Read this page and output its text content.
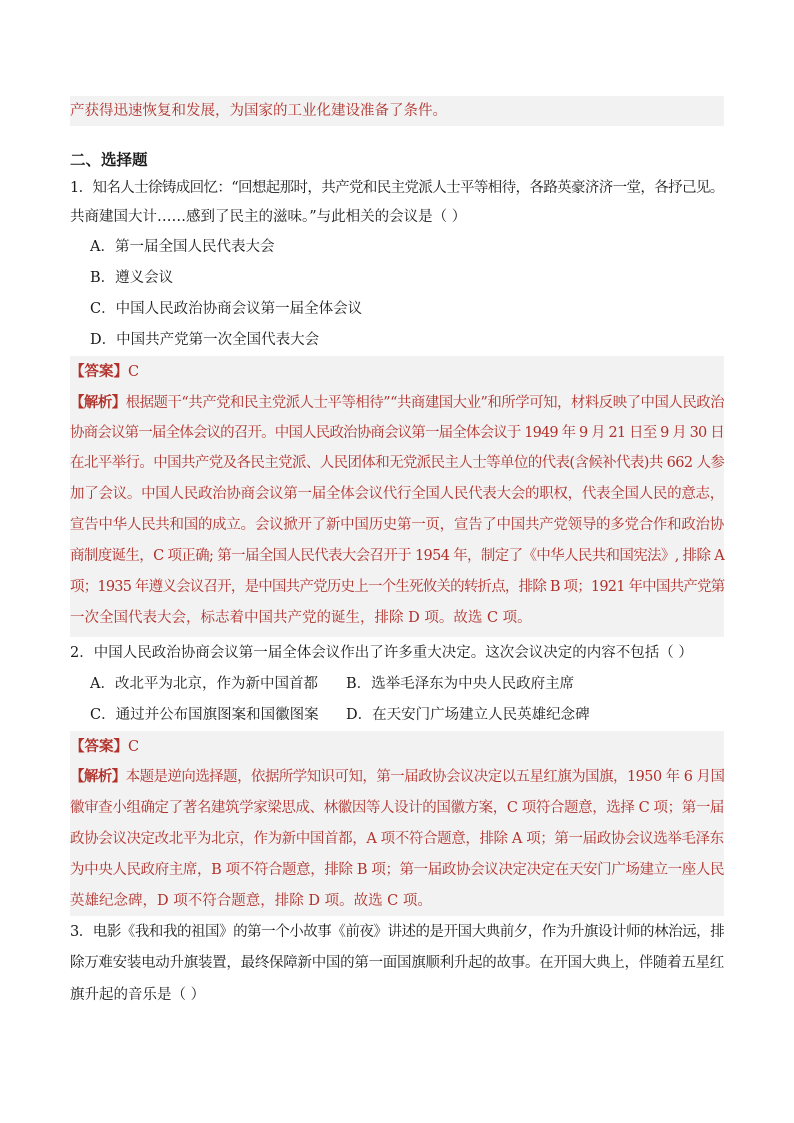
产获得迅速恢复和发展，为国家的工业化建设准备了条件。
二、选择题
1．知名人士徐铸成回忆：“回想起那时，共产党和民主党派人士平等相待，各路英豪济济一堂，各抒己见。
共商建国大计……感到了民主的滋味。”与此相关的会议是（ ）
A．第一届全国人民代表大会
B．遵义会议
C．中国人民政治协商会议第一届全体会议
D．中国共产党第一次全国代表大会
【答案】C
【解析】根据题干“共产党和民主党派人士平等相待”“共商建国大业”和所学可知，材料反映了中国人民政治
协商会议第一届全体会议的召开。中国人民政治协商会议第一届全体会议于 1949 年 9 月 21 日至 9 月 30 日
在北平举行。中国共产党及各民主党派、人民团体和无党派民主人士等单位的代表(含候补代表)共 662 人参
加了会议。中国人民政治协商会议第一届全体会议代行全国人民代表大会的职权，代表全国人民的意志，
宣告中华人民共和国的成立。会议掀开了新中国历史第一页，宣告了中国共产党领导的多党合作和政治协
商制度诞生，C 项正确; 第一届全国人民代表大会召开于 1954 年，制定了《中华人民共和国宪法》, 排除 A
项；1935 年遵义会议召开，是中国共产党历史上一个生死攸关的转折点，排除 B 项；1921 年中国共产党第
一次全国代表大会，标志着中国共产党的诞生，排除 D 项。故选 C 项。
2．中国人民政治协商会议第一届全体会议作出了许多重大决定。这次会议决定的内容不包括（ ）
A．改北平为北京，作为新中国首都 B．选举毛泽东为中央人民政府主席
C．通过并公布国旗图案和国徽图案 D．在天安门广场建立人民英雄纪念碑
【答案】C
【解析】本题是逆向选择题，依据所学知识可知，第一届政协会议决定以五星红旗为国旗，1950 年 6 月国
徽审查小组确定了著名建筑学家梁思成、林徽因等人设计的国徽方案，C 项符合题意，选择 C 项；第一届
政协会议决定改北平为北京，作为新中国首都，A 项不符合题意，排除 A 项；第一届政协会议选举毛泽东
为中央人民政府主席，B 项不符合题意，排除 B 项；第一届政协会议决定决定在天安门广场建立一座人民
英雄纪念碑，D 项不符合题意，排除 D 项。故选 C 项。
3．电影《我和我的祖国》的第一个小故事《前夜》讲述的是开国大典前夕，作为升旗设计师的林治远，排
除万难安装电动升旗装置，最终保障新中国的第一面国旗顺利升起的故事。在开国大典上，伴随着五星红
旗升起的音乐是（ ）
